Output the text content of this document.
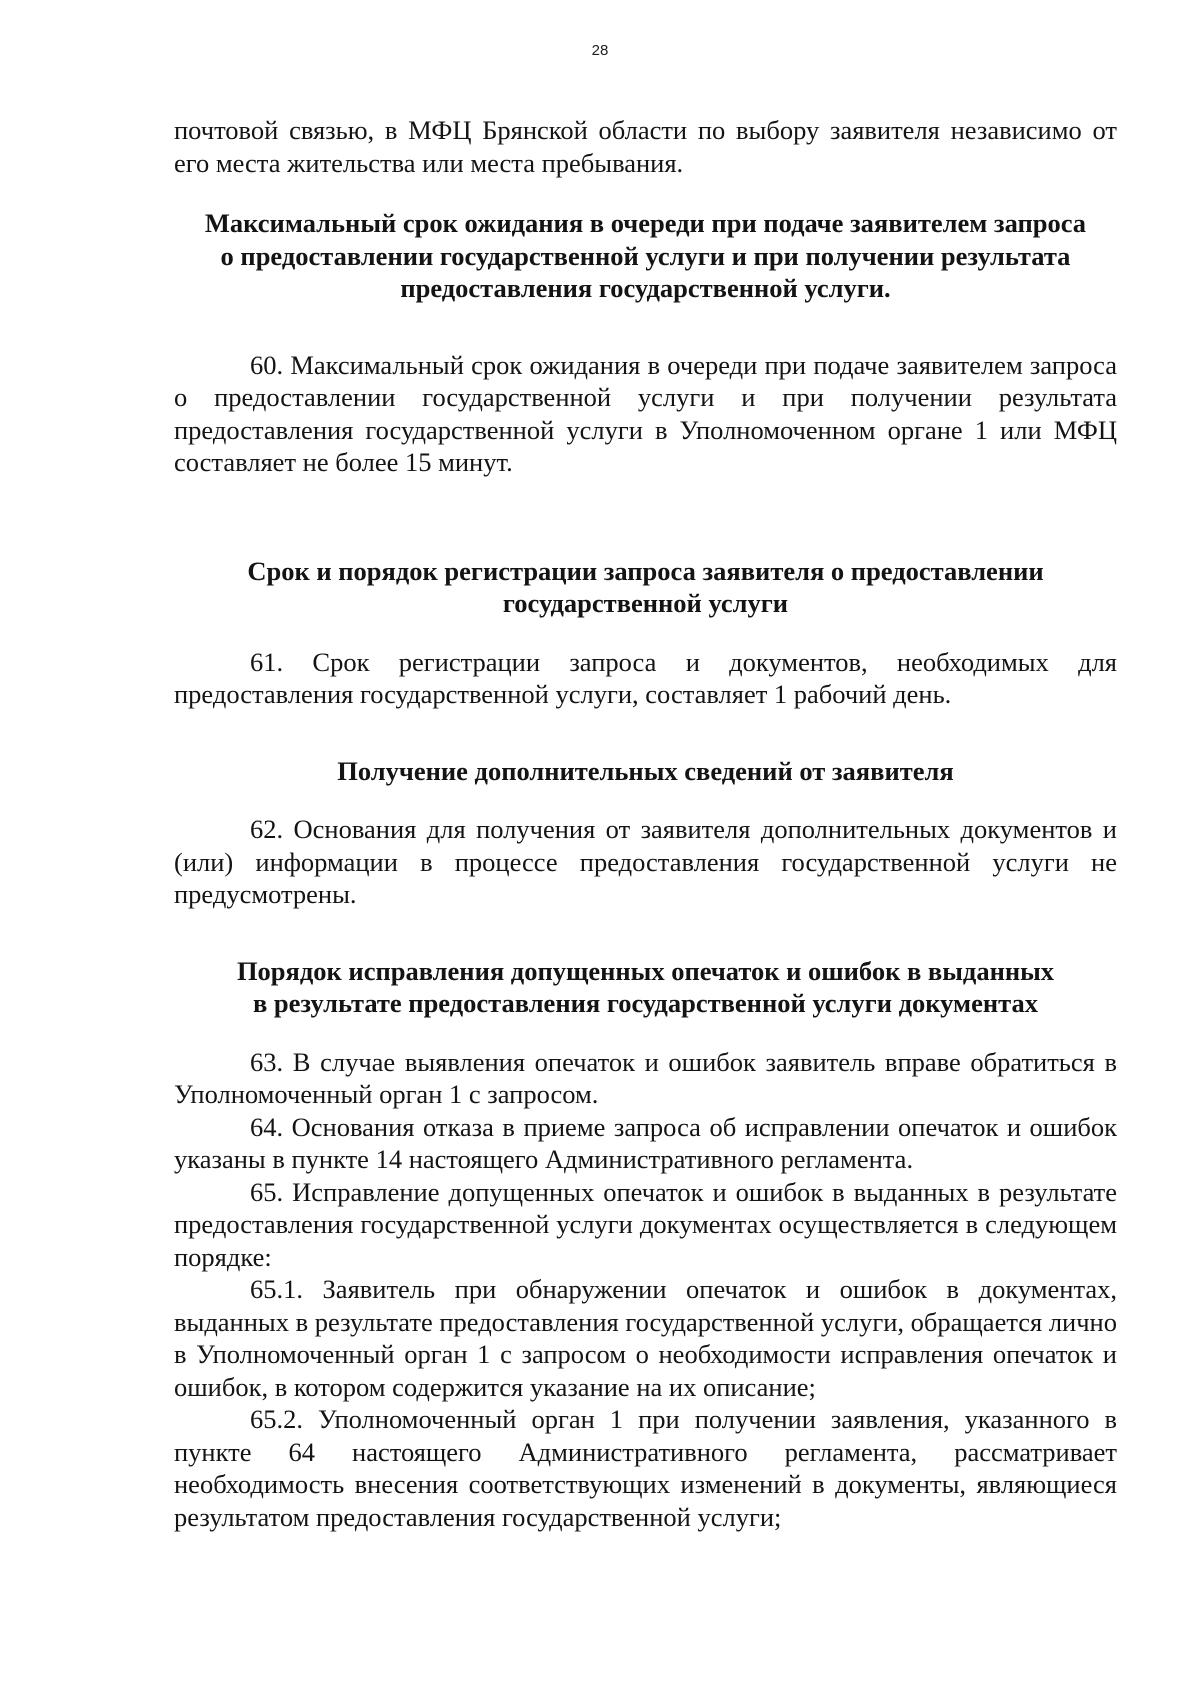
28

почтовой связью, в МФЦ Брянской области по выбору заявителя независимо от его места жительства или места пребывания.

Максимальный срок ожидания в очереди при подаче заявителем запроса
о предоставлении государственной услуги и при получении результата
предоставления государственной услуги.

60. Максимальный срок ожидания в очереди при подаче заявителем запроса о предоставлении государственной услуги и при получении результата предоставления государственной услуги в Уполномоченном органе 1 или МФЦ составляет не более 15 минут.

Срок и порядок регистрации запроса заявителя о предоставлении
государственной услуги

61. Срок регистрации запроса и документов, необходимых для предоставления государственной услуги, составляет 1 рабочий день.

Получение дополнительных сведений от заявителя

62. Основания для получения от заявителя дополнительных документов и (или) информации в процессе предоставления государственной услуги не предусмотрены.

Порядок исправления допущенных опечаток и ошибок в выданных
в результате предоставления государственной услуги документах

63. В случае выявления опечаток и ошибок заявитель вправе обратиться в Уполномоченный орган 1 с запросом.

64. Основания отказа в приеме запроса об исправлении опечаток и ошибок указаны в пункте 14 настоящего Административного регламента.

65. Исправление допущенных опечаток и ошибок в выданных в результате предоставления государственной услуги документах осуществляется в следующем порядке:

65.1. Заявитель при обнаружении опечаток и ошибок в документах, выданных в результате предоставления государственной услуги, обращается лично в Уполномоченный орган 1 с запросом о необходимости исправления опечаток и ошибок, в котором содержится указание на их описание;

65.2. Уполномоченный орган 1 при получении заявления, указанного в пункте 64 настоящего Административного регламента, рассматривает необходимость внесения соответствующих изменений в документы, являющиеся результатом предоставления государственной услуги;
